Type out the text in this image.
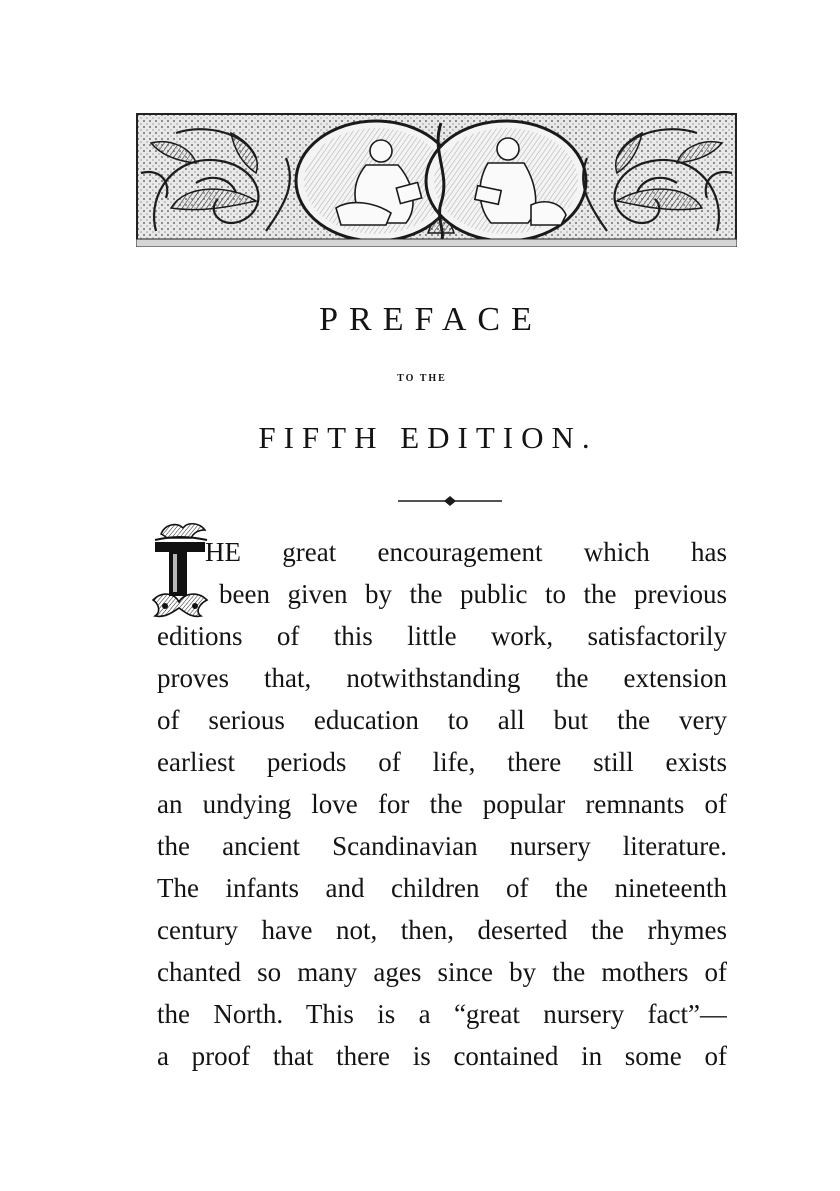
PREFACE
TO THE
FIFTH EDITION.
HE great encouragement which has
been given by the public to the previous
editions of this little work, satisfactorily
proves that, notwithstanding the extension
of serious education to all but the very
earliest periods of life, there still exists
an undying love for the popular remnants of
the ancient Scandinavian nursery literature.
The infants and children of the nineteenth
century have not, then, deserted the rhymes
chanted so many ages since by the mothers of
the North. This is a “great nursery fact”—
a proof that there is contained in some of
